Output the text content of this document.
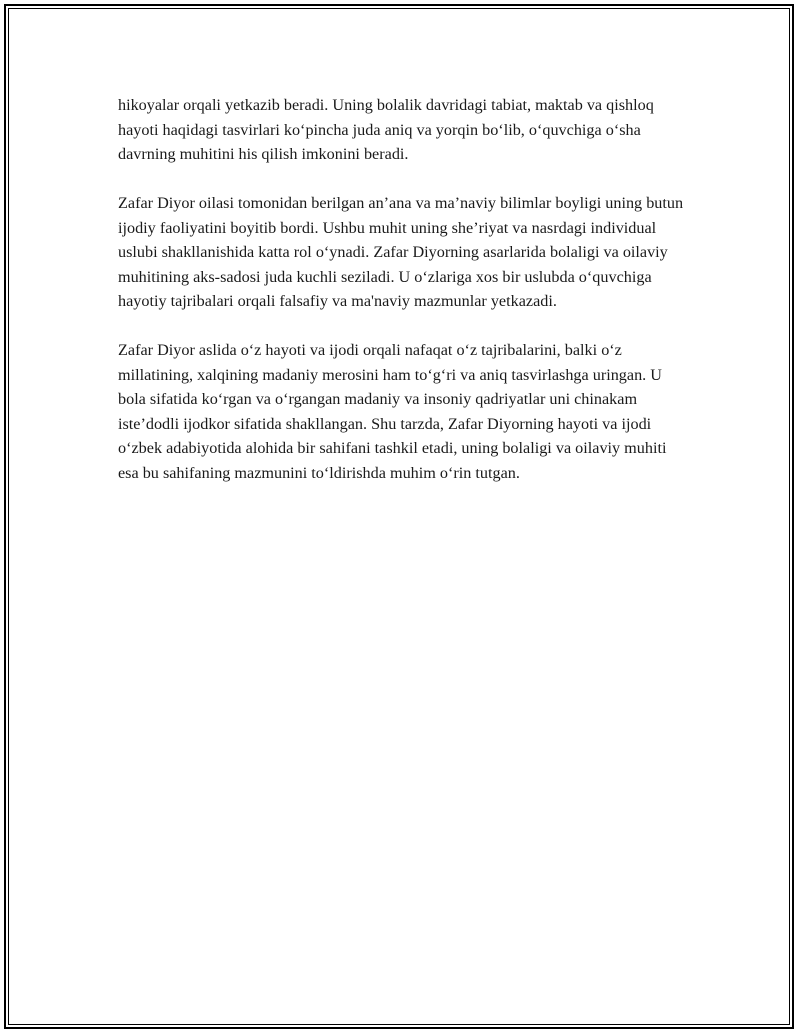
hikoyalar orqali yetkazib beradi. Uning bolalik davridagi tabiat, maktab va qishloq hayoti haqidagi tasvirlari ko‘pincha juda aniq va yorqin bo‘lib, o‘quvchiga o‘sha davrning muhitini his qilish imkonini beradi.

Zafar Diyor oilasi tomonidan berilgan an’ana va ma’naviy bilimlar boyligi uning butun ijodiy faoliyatini boyitib bordi. Ushbu muhit uning she’riyat va nasrdagi individual uslubi shakllanishida katta rol o‘ynadi. Zafar Diyorning asarlarida bolaligi va oilaviy muhitining aks-sadosi juda kuchli seziladi. U o‘zlariga xos bir uslubda o‘quvchiga hayotiy tajribalari orqali falsafiy va ma'naviy mazmunlar yetkazadi.

Zafar Diyor aslida o‘z hayoti va ijodi orqali nafaqat o‘z tajribalarini, balki o‘z millatining, xalqining madaniy merosini ham to‘g‘ri va aniq tasvirlashga uringan. U bola sifatida ko‘rgan va o‘rgangan madaniy va insoniy qadriyatlar uni chinakam iste’dodli ijodkor sifatida shakllangan. Shu tarzda, Zafar Diyorning hayoti va ijodi o‘zbek adabiyotida alohida bir sahifani tashkil etadi, uning bolaligi va oilaviy muhiti esa bu sahifaning mazmunini to‘ldirishda muhim o‘rin tutgan.
